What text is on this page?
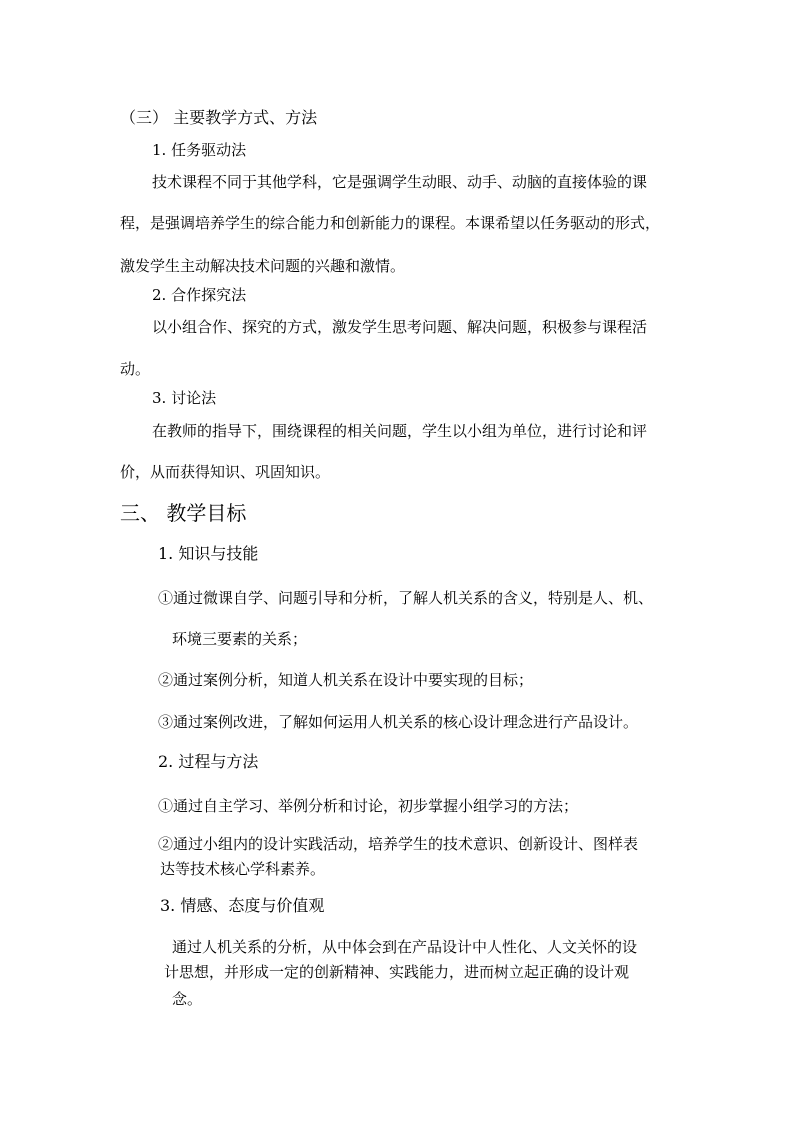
（三） 主要教学方式、方法
1. 任务驱动法
技术课程不同于其他学科，它是强调学生动眼、动手、动脑的直接体验的课
程，是强调培养学生的综合能力和创新能力的课程。本课希望以任务驱动的形式，
激发学生主动解决技术问题的兴趣和激情。
2. 合作探究法
以小组合作、探究的方式，激发学生思考问题、解决问题，积极参与课程活
动。
3. 讨论法
在教师的指导下，围绕课程的相关问题，学生以小组为单位，进行讨论和评
价，从而获得知识、巩固知识。
三、 教学目标
1. 知识与技能
①通过微课自学、问题引导和分析，了解人机关系的含义，特别是人、机、
环境三要素的关系；
②通过案例分析，知道人机关系在设计中要实现的目标；
③通过案例改进，了解如何运用人机关系的核心设计理念进行产品设计。
2. 过程与方法
①通过自主学习、举例分析和讨论，初步掌握小组学习的方法；
②通过小组内的设计实践活动，培养学生的技术意识、创新设计、图样表
达等技术核心学科素养。
3. 情感、态度与价值观
通过人机关系的分析，从中体会到在产品设计中人性化、人文关怀的设
计思想，并形成一定的创新精神、实践能力，进而树立起正确的设计观
念。
